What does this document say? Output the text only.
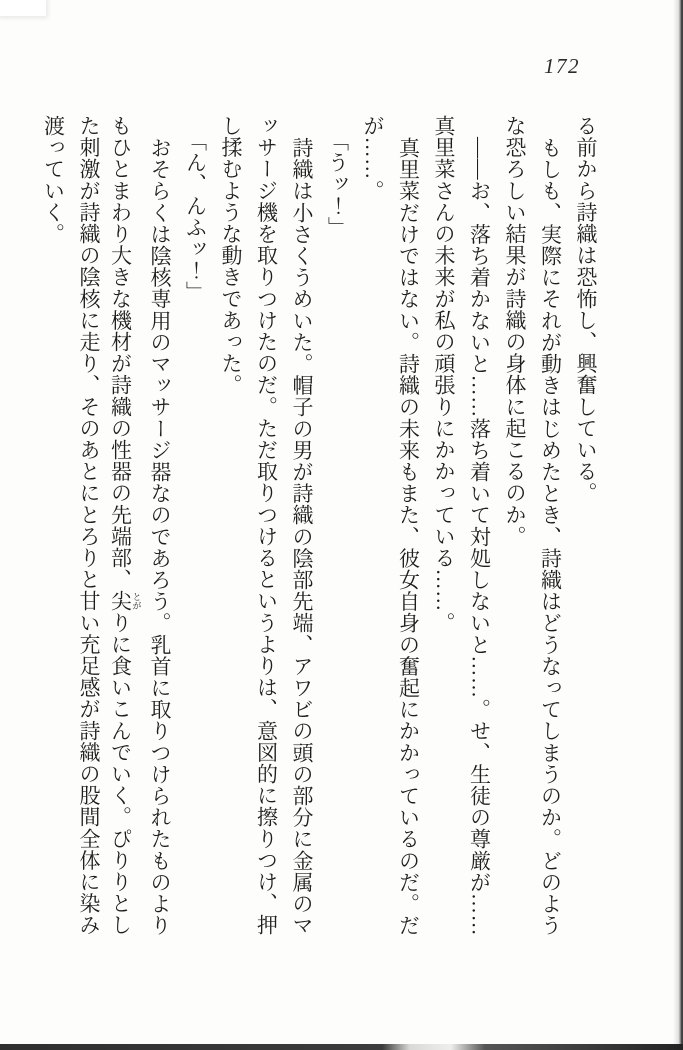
172
る前から詩織は恐怖し、興奮している。
もしも、実際にそれが動きはじめたとき、詩織はどうなってしまうのか。どのよう
な恐ろしい結果が詩織の身体に起こるのか。
――お、落ち着かないと……落ち着いて対処しないと……。せ、生徒の尊厳が……
真里菜さんの未来が私の頑張りにかかっている……。
真里菜だけではない。詩織の未来もまた、彼女自身の奮起にかかっているのだ。だ
が……。
「うッ！」
詩織は小さくうめいた。帽子の男が詩織の陰部先端、アワビの頭の部分に金属のマ
ッサージ機を取りつけたのだ。ただ取りつけるというよりは、意図的に擦りつけ、押
し揉むような動きであった。
「ん、んふッ！」
おそらくは陰核専用のマッサージ器なのであろう。乳首に取りつけられたものより
もひとまわり大きな機材が詩織の性器の先端部、尖 とがりに食いこんでいく。ぴりりとし
た刺激が詩織の陰核に走り、そのあとにとろりと甘い充足感が詩織の股間全体に染み
渡っていく。
